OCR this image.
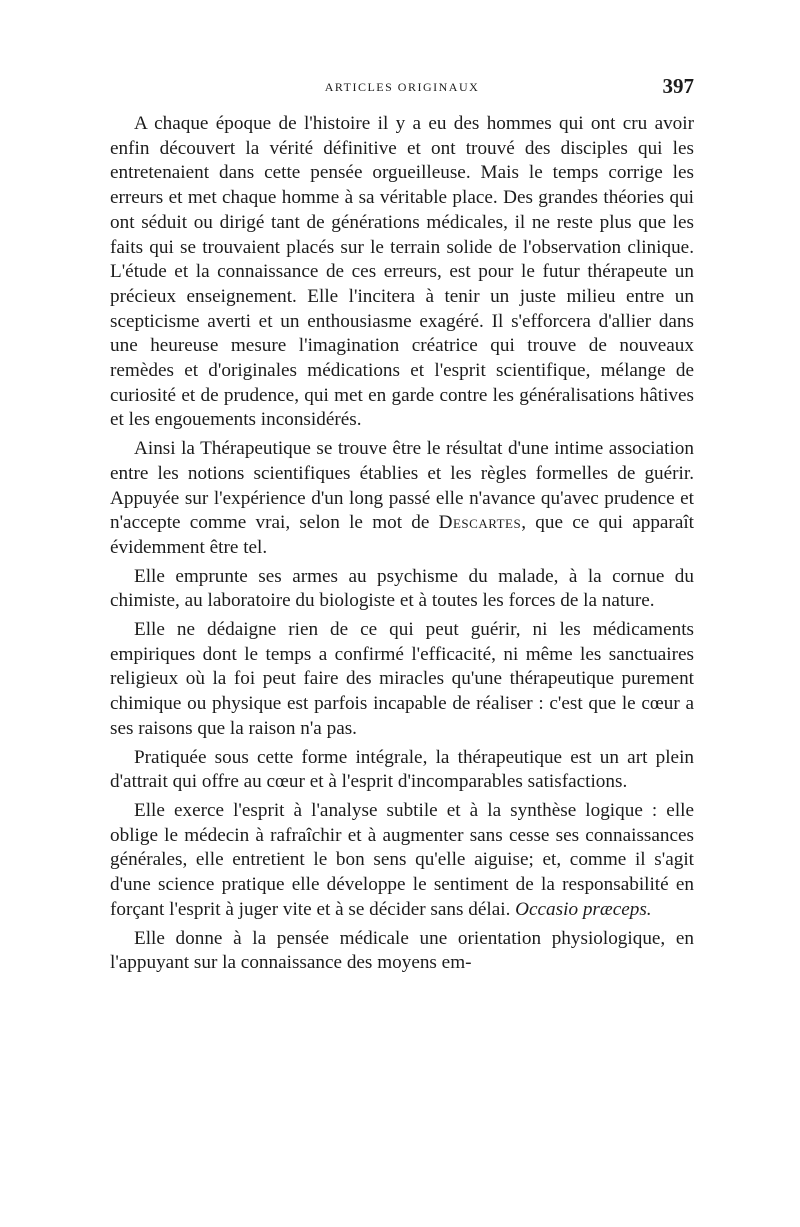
ARTICLES ORIGINAUX	397

A chaque époque de l'histoire il y a eu des hommes qui ont cru avoir enfin découvert la vérité définitive et ont trouvé des disciples qui les entretenaient dans cette pensée orgueilleuse. Mais le temps corrige les erreurs et met chaque homme à sa véritable place. Des grandes théories qui ont séduit ou dirigé tant de générations médicales, il ne reste plus que les faits qui se trouvaient placés sur le terrain solide de l'observation clinique. L'étude et la connaissance de ces erreurs, est pour le futur thérapeute un précieux enseignement. Elle l'incitera à tenir un juste milieu entre un scepticisme averti et un enthousiasme exagéré. Il s'efforcera d'allier dans une heureuse mesure l'imagination créatrice qui trouve de nouveaux remèdes et d'originales médications et l'esprit scientifique, mélange de curiosité et de prudence, qui met en garde contre les généralisations hâtives et les engouements inconsidérés.

Ainsi la Thérapeutique se trouve être le résultat d'une intime association entre les notions scientifiques établies et les règles formelles de guérir. Appuyée sur l'expérience d'un long passé elle n'avance qu'avec prudence et n'accepte comme vrai, selon le mot de Descartes, que ce qui apparaît évidemment être tel.

Elle emprunte ses armes au psychisme du malade, à la cornue du chimiste, au laboratoire du biologiste et à toutes les forces de la nature.

Elle ne dédaigne rien de ce qui peut guérir, ni les médicaments empiriques dont le temps a confirmé l'efficacité, ni même les sanctuaires religieux où la foi peut faire des miracles qu'une thérapeutique purement chimique ou physique est parfois incapable de réaliser : c'est que le cœur a ses raisons que la raison n'a pas.

Pratiquée sous cette forme intégrale, la thérapeutique est un art plein d'attrait qui offre au cœur et à l'esprit d'incomparables satisfactions.

Elle exerce l'esprit à l'analyse subtile et à la synthèse logique : elle oblige le médecin à rafraîchir et à augmenter sans cesse ses connaissances générales, elle entretient le bon sens qu'elle aiguise; et, comme il s'agit d'une science pratique elle développe le sentiment de la responsabilité en forçant l'esprit à juger vite et à se décider sans délai. Occasio præceps.

Elle donne à la pensée médicale une orientation physiologique, en l'appuyant sur la connaissance des moyens em-
